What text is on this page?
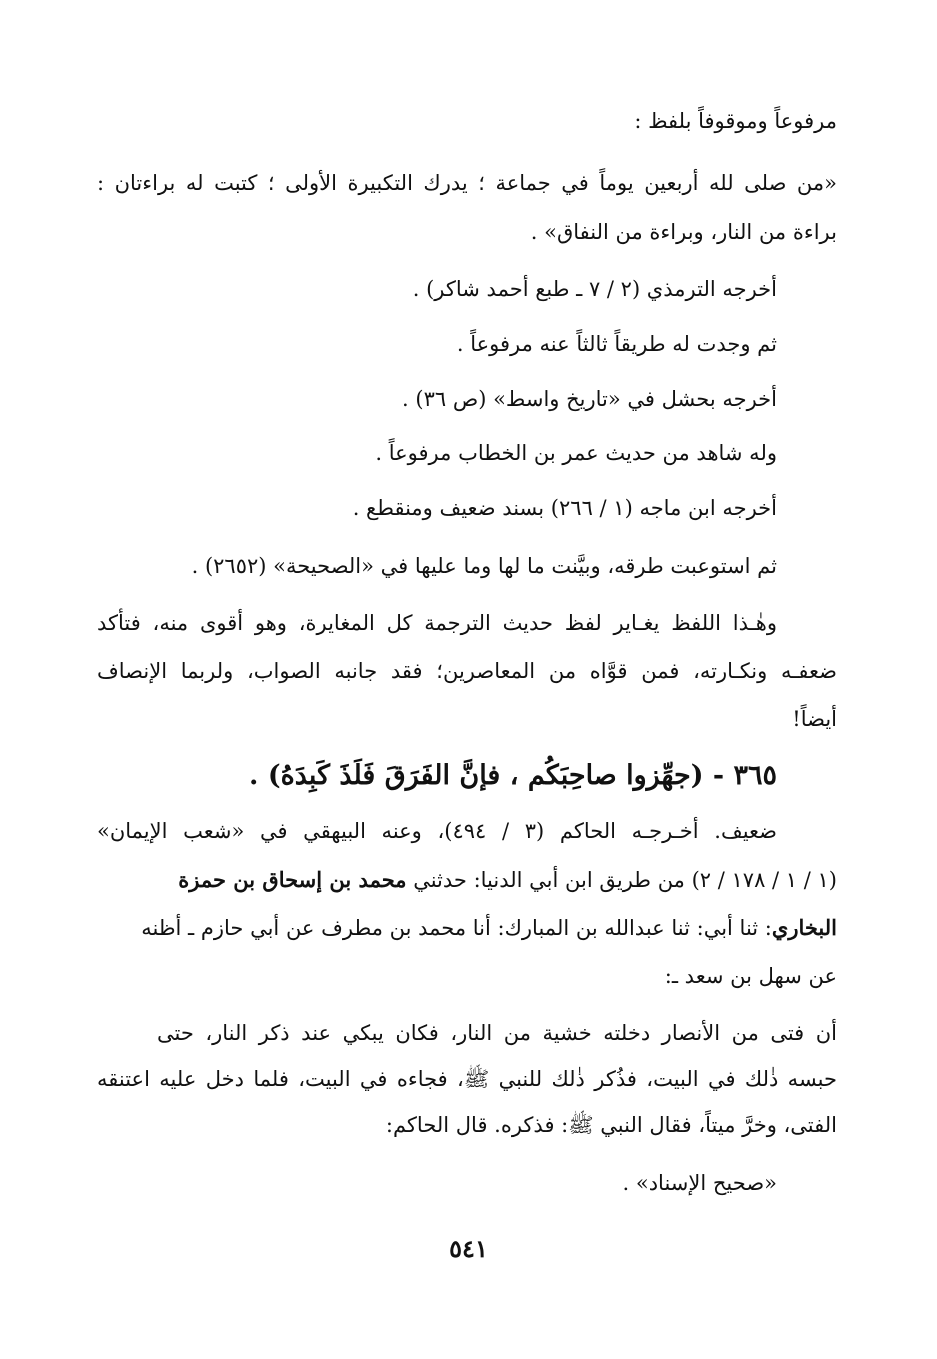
مرفوعاً وموقوفاً بلفظ :
«من صلى لله أربعين يوماً في جماعة ؛ يدرك التكبيرة الأولى ؛ كتبت له براءتان :
براءة من النار، وبراءة من النفاق» .
أخرجه الترمذي (٢ / ٧ ـ طبع أحمد شاكر) .
ثم وجدت له طريقاً ثالثاً عنه مرفوعاً .
أخرجه بحشل في «تاريخ واسط» (ص ٣٦) .
وله شاهد من حديث عمر بن الخطاب مرفوعاً .
أخرجه ابن ماجه (١ / ٢٦٦) بسند ضعيف ومنقطع .
ثم استوعبت طرقه، وبيَّنت ما لها وما عليها في «الصحيحة» (٢٦٥٢) .
وهٰـذا اللفظ يغـاير لفظ حديث الترجمة كل المغايرة، وهو أقوى منه، فتأكد
ضعفـه ونكـارته، فمن قوَّاه من المعاصرين؛ فقد جانبه الصواب، ولربما الإنصاف
أيضاً!
٣٦٥ - (جهِّزوا صاحِبَكُم ، فإنَّ الفَرَقَ فَلَذَ كَبِدَهُ) .
ضعيف. أخـرجـه الحاكم (٣ / ٤٩٤)، وعنه البيهقي في «شعب الإيمان»
(١ / ١ / ١٧٨ / ٢) من طريق ابن أبي الدنيا: حدثني محمد بن إسحاق بن حمزة
البخاري: ثنا أبي: ثنا عبدالله بن المبارك: أنا محمد بن مطرف عن أبي حازم ـ أظنه
عن سهل بن سعد ـ:
أن فتى من الأنصار دخلته خشية من النار، فكان يبكي عند ذكر النار، حتى
حبسه ذٰلك في البيت، فذُكر ذٰلك للنبي ﷺ، فجاءه في البيت، فلما دخل عليه اعتنقه
الفتى، وخرَّ ميتاً، فقال النبي ﷺ: فذكره. قال الحاكم:
«صحيح الإسناد» .
٥٤١
